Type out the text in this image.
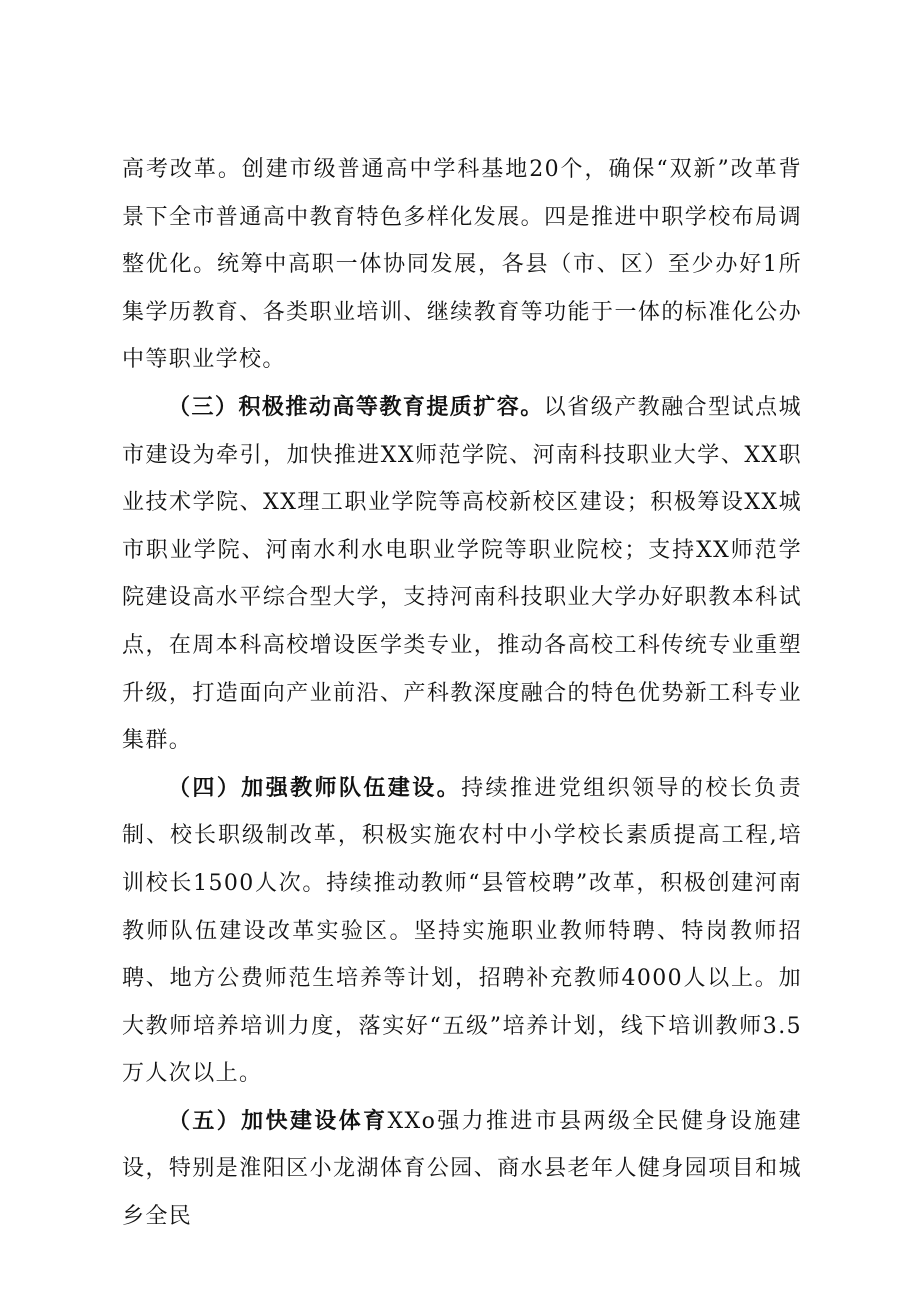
高考改革。创建市级普通高中学科基地20个，确保“双新”改革背景下全市普通高中教育特色多样化发展。四是推进中职学校布局调整优化。统筹中高职一体协同发展，各县（市、区）至少办好1所集学历教育、各类职业培训、继续教育等功能于一体的标准化公办中等职业学校。

（三）积极推动高等教育提质扩容。以省级产教融合型试点城市建设为牵引，加快推进XX师范学院、河南科技职业大学、XX职业技术学院、XX理工职业学院等高校新校区建设；积极筹设XX城市职业学院、河南水利水电职业学院等职业院校；支持XX师范学院建设高水平综合型大学，支持河南科技职业大学办好职教本科试点，在周本科高校增设医学类专业，推动各高校工科传统专业重塑升级，打造面向产业前沿、产科教深度融合的特色优势新工科专业集群。

（四）加强教师队伍建设。持续推进党组织领导的校长负责制、校长职级制改革，积极实施农村中小学校长素质提高工程,培训校长1500人次。持续推动教师“县管校聘”改革，积极创建河南教师队伍建设改革实验区。坚持实施职业教师特聘、特岗教师招聘、地方公费师范生培养等计划，招聘补充教师4000人以上。加大教师培养培训力度，落实好“五级”培养计划，线下培训教师3.5万人次以上。

（五）加快建设体育XXo强力推进市县两级全民健身设施建设，特别是淮阳区小龙湖体育公园、商水县老年人健身园项目和城乡全民
